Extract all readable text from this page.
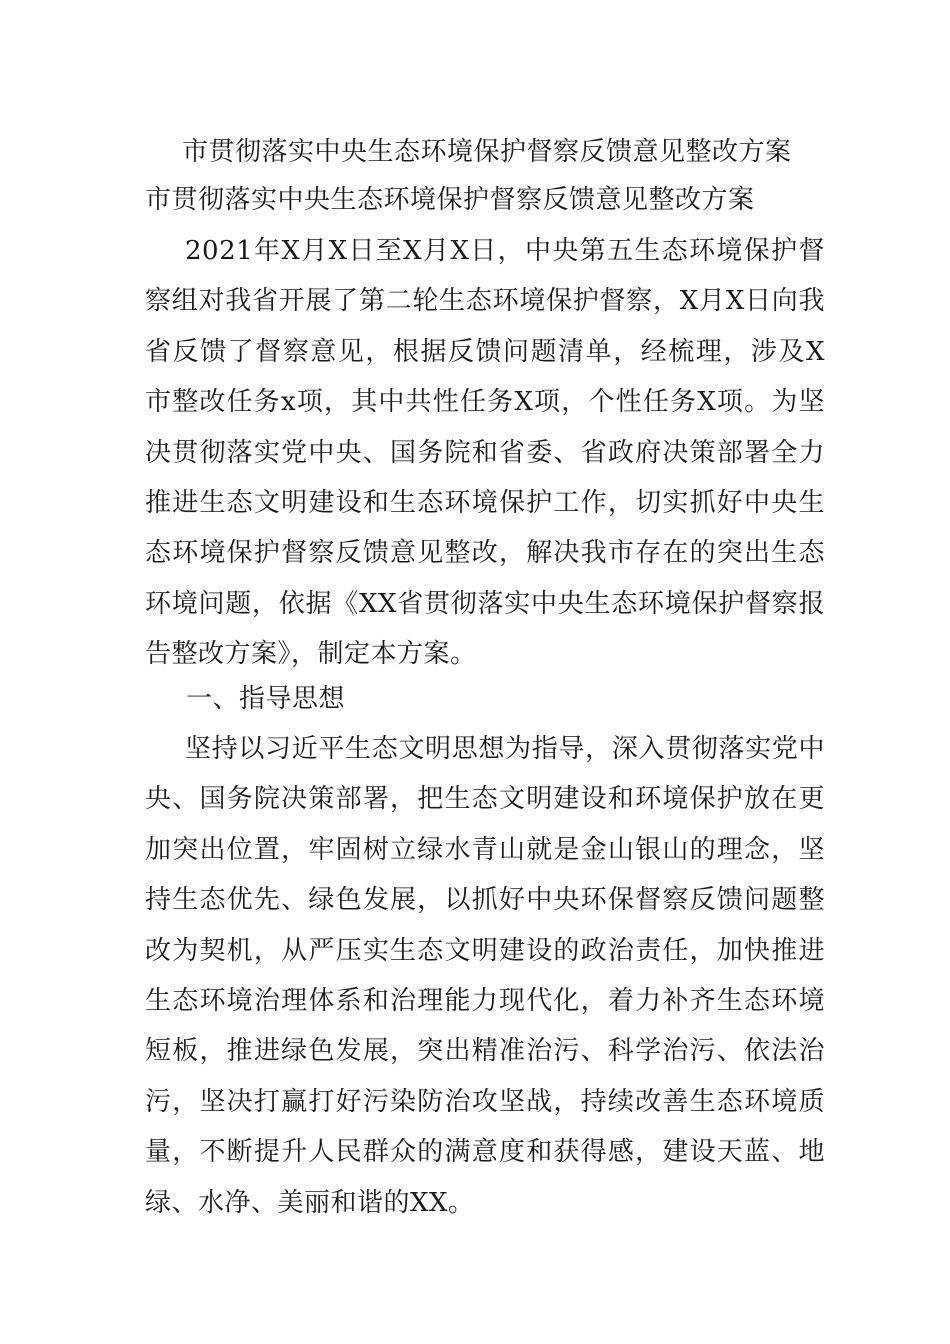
市贯彻落实中央生态环境保护督察反馈意见整改方案
市贯彻落实中央生态环境保护督察反馈意见整改方案

2021年X月X日至X月X日，中央第五生态环境保护督察组对我省开展了第二轮生态环境保护督察，X月X日向我省反馈了督察意见，根据反馈问题清单，经梳理，涉及X市整改任务x项，其中共性任务X项，个性任务X项。为坚决贯彻落实党中央、国务院和省委、省政府决策部署全力推进生态文明建设和生态环境保护工作，切实抓好中央生态环境保护督察反馈意见整改，解决我市存在的突出生态环境问题，依据《XX省贯彻落实中央生态环境保护督察报告整改方案》，制定本方案。

一、指导思想

坚持以习近平生态文明思想为指导，深入贯彻落实党中央、国务院决策部署，把生态文明建设和环境保护放在更加突出位置，牢固树立绿水青山就是金山银山的理念，坚持生态优先、绿色发展，以抓好中央环保督察反馈问题整改为契机，从严压实生态文明建设的政治责任，加快推进生态环境治理体系和治理能力现代化，着力补齐生态环境短板，推进绿色发展，突出精准治污、科学治污、依法治污，坚决打赢打好污染防治攻坚战，持续改善生态环境质量，不断提升人民群众的满意度和获得感，建设天蓝、地绿、水净、美丽和谐的XX。
